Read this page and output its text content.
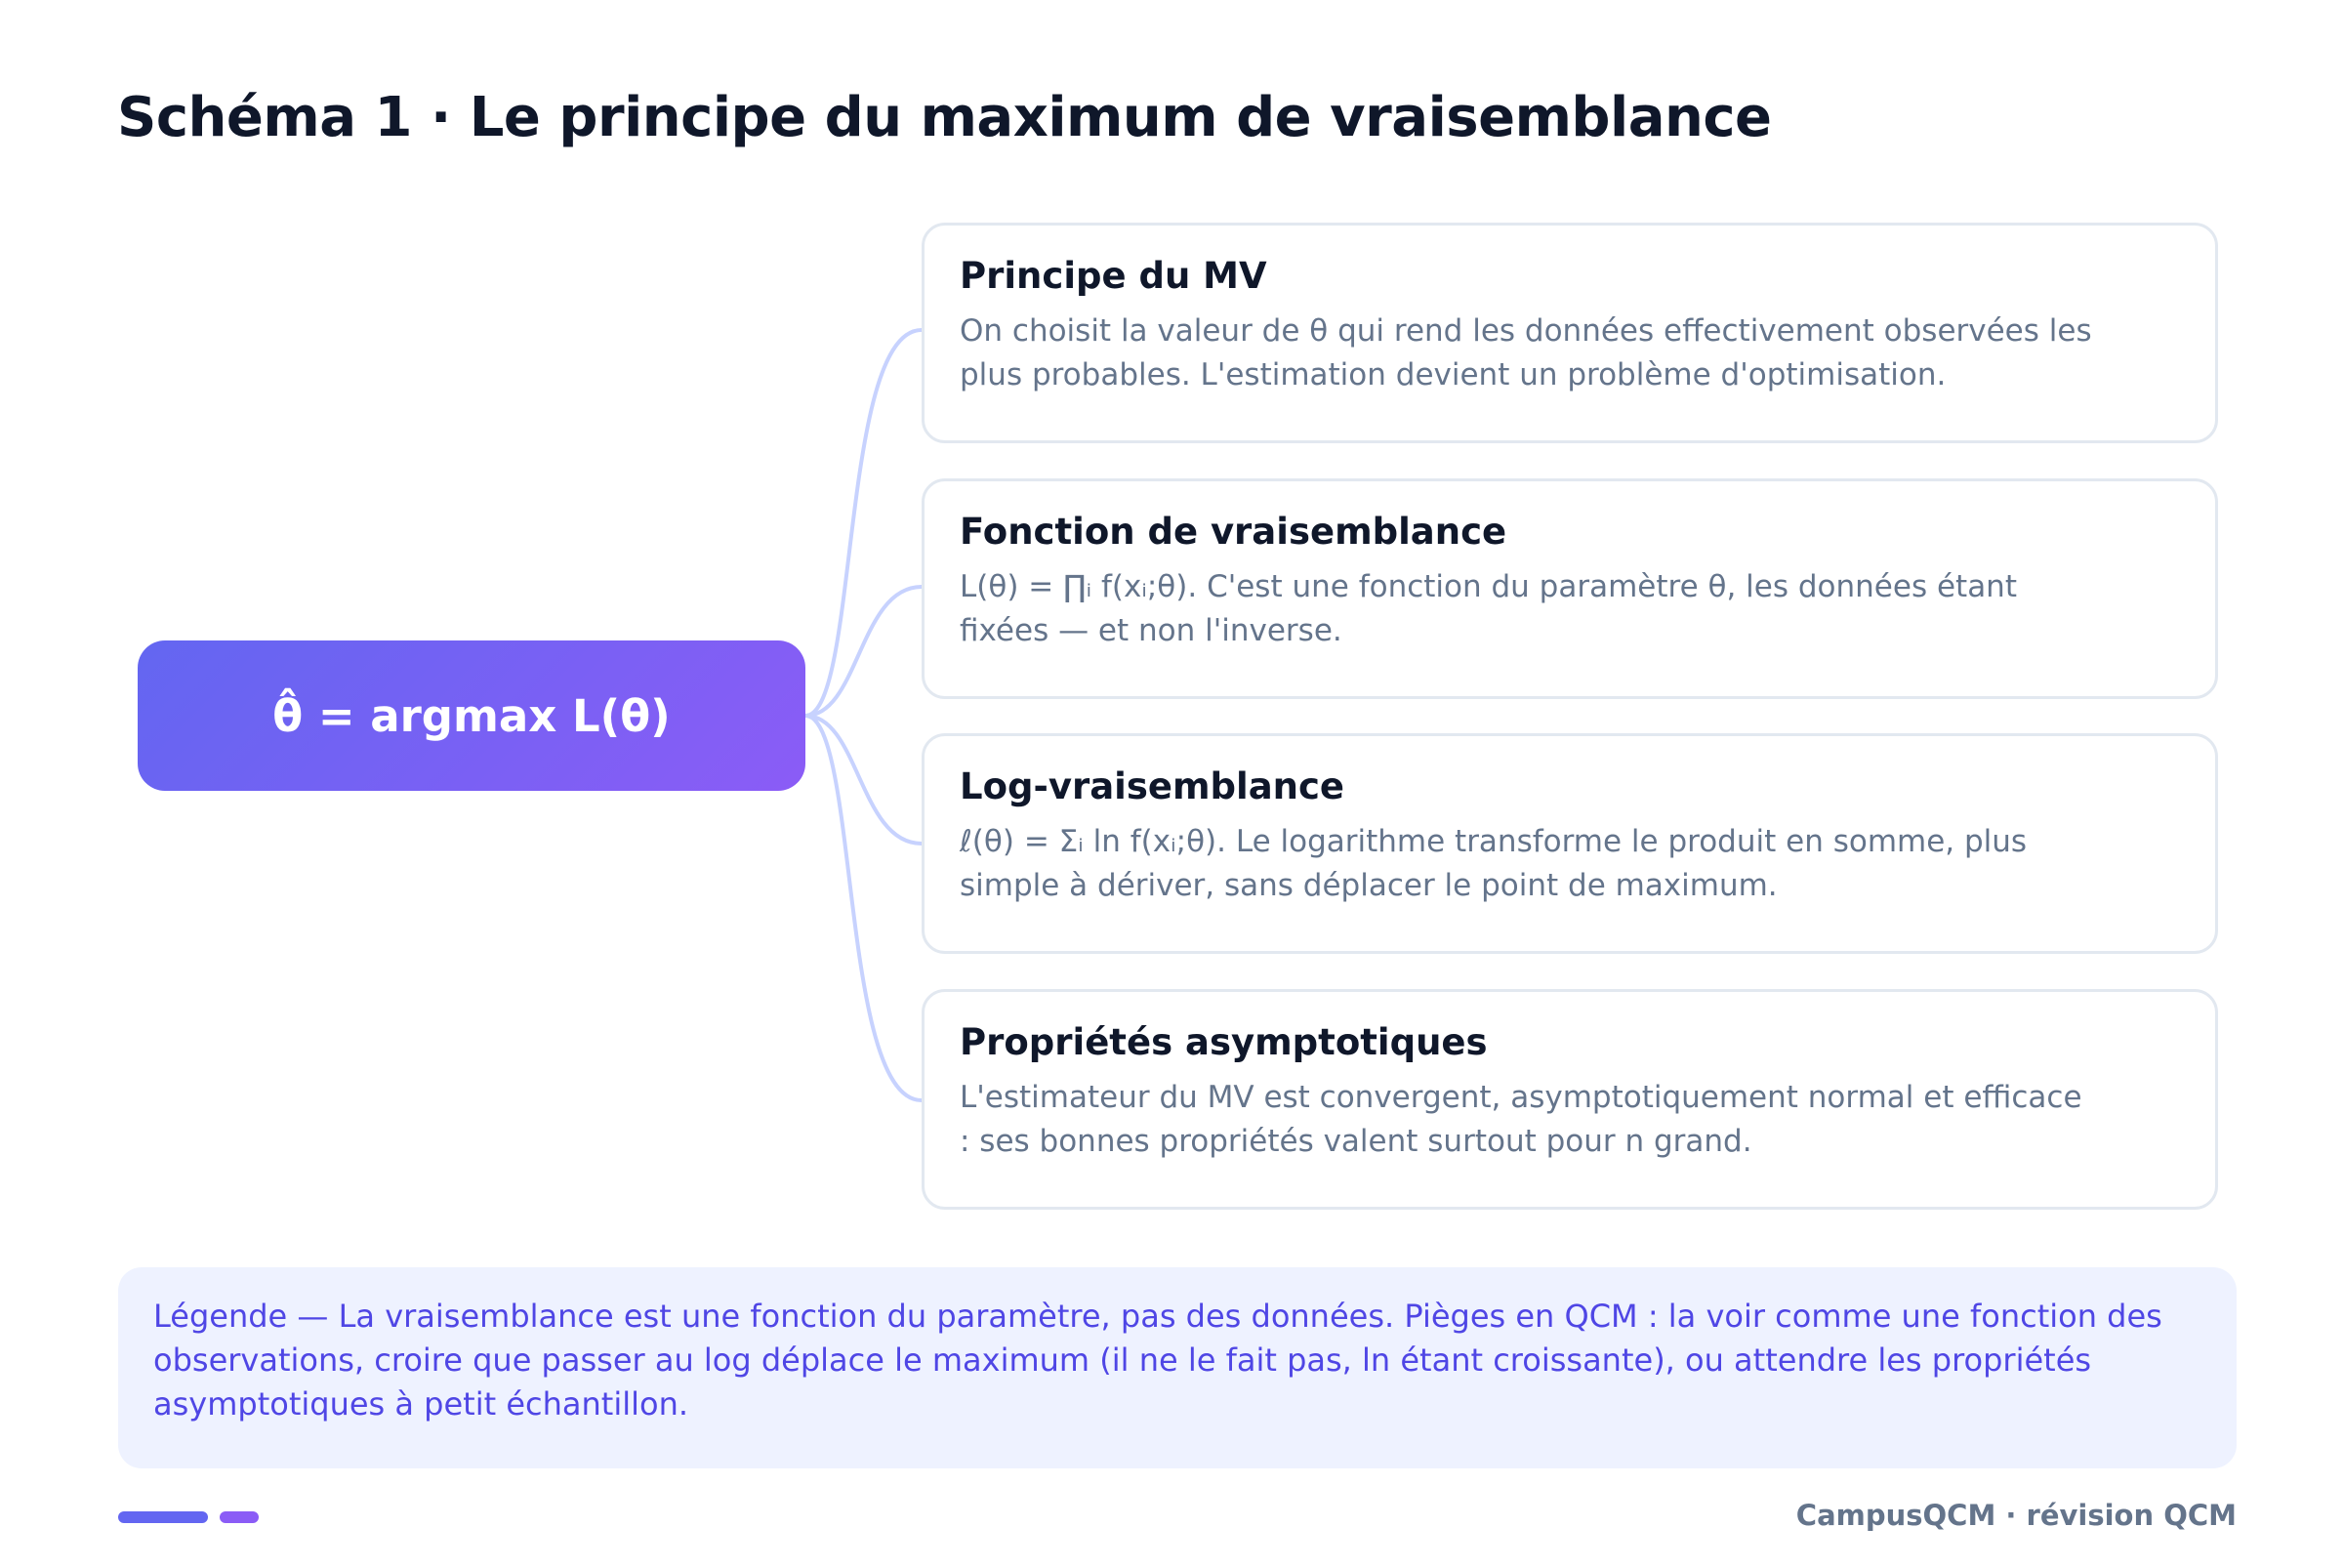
Schéma 1 · Le principe du maximum de vraisemblance
θ̂ = argmax L(θ)

Principe du MV

On choisit la valeur de θ qui rend les données effectivement observées les plus probables. L'estimation devient un problème d'optimisation.

Fonction de vraisemblance

L(θ) = ∏ᵢ f(xᵢ;θ). C'est une fonction du paramètre θ, les données étant fixées — et non l'inverse.

Log-vraisemblance

ℓ(θ) = Σᵢ ln f(xᵢ;θ). Le logarithme transforme le produit en somme, plus simple à dériver, sans déplacer le point de maximum.

Propriétés asymptotiques

L'estimateur du MV est convergent, asymptotiquement normal et efficace : ses bonnes propriétés valent surtout pour n grand.

Légende — La vraisemblance est une fonction du paramètre, pas des données. Pièges en QCM : la voir comme une fonction des observations, croire que passer au log déplace le maximum (il ne le fait pas, ln étant croissante), ou attendre les propriétés asymptotiques à petit échantillon.
CampusQCM · révision QCM
